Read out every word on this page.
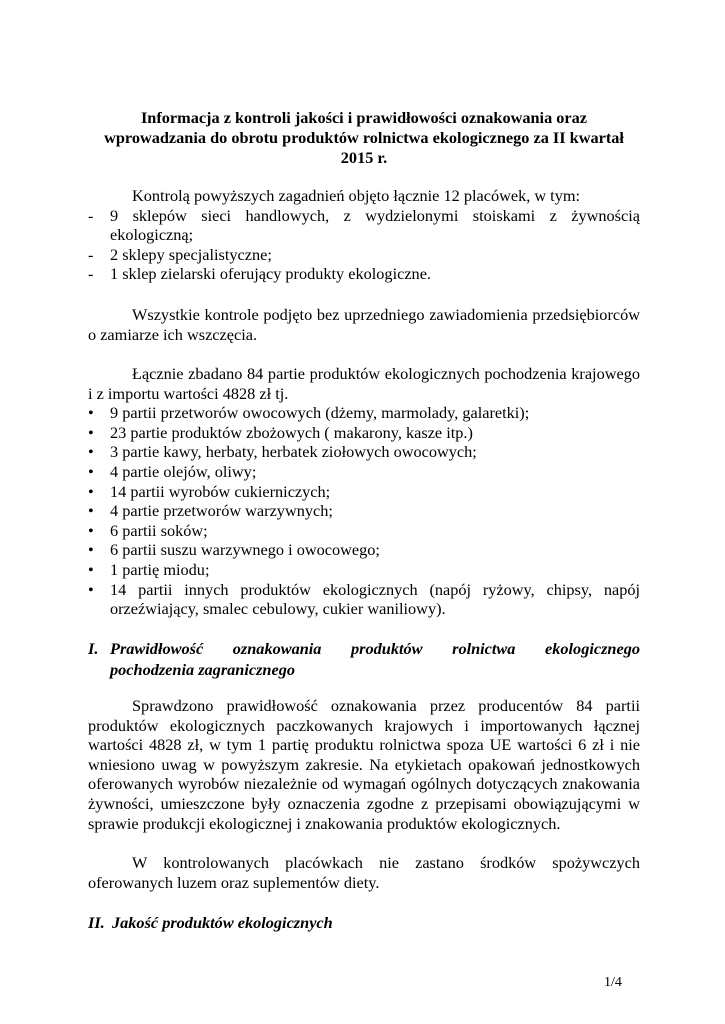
Informacja z kontroli jakości i prawidłowości oznakowania oraz
wprowadzania do obrotu produktów rolnictwa ekologicznego za II kwartał
2015 r.

Kontrolą powyższych zagadnień objęto łącznie 12 placówek, w tym:

- 9 sklepów sieci handlowych, z wydzielonymi stoiskami z żywnością ekologiczną;
- 2 sklepy specjalistyczne;
- 1 sklep zielarski oferujący produkty ekologiczne.

Wszystkie kontrole podjęto bez uprzedniego zawiadomienia przedsiębiorców o zamiarze ich wszczęcia.

Łącznie zbadano 84 partie produktów ekologicznych pochodzenia krajowego i z importu wartości 4828 zł tj.

• 9 partii przetworów owocowych (dżemy, marmolady, galaretki);
• 23 partie produktów zbożowych ( makarony, kasze itp.)
• 3 partie kawy, herbaty, herbatek ziołowych owocowych;
• 4 partie olejów, oliwy;
• 14 partii wyrobów cukierniczych;
• 4 partie przetworów warzywnych;
• 6 partii soków;
• 6 partii suszu warzywnego i owocowego;
• 1 partię miodu;
• 14 partii innych produktów ekologicznych (napój ryżowy, chipsy, napój orzeźwiający, smalec cebulowy, cukier waniliowy).
I. Prawidłowość oznakowania produktów rolnictwa ekologicznego
pochodzenia zagranicznego

Sprawdzono prawidłowość oznakowania przez producentów 84 partii produktów ekologicznych paczkowanych krajowych i importowanych łącznej wartości 4828 zł, w tym 1 partię produktu rolnictwa spoza UE wartości 6 zł i nie wniesiono uwag w powyższym zakresie. Na etykietach opakowań jednostkowych oferowanych wyrobów niezależnie od wymagań ogólnych dotyczących znakowania żywności, umieszczone były oznaczenia zgodne z przepisami obowiązującymi w sprawie produkcji ekologicznej i znakowania produktów ekologicznych.

W kontrolowanych placówkach nie zastano środków spożywczych oferowanych luzem oraz suplementów diety.

II. Jakość produktów ekologicznych
1/4
